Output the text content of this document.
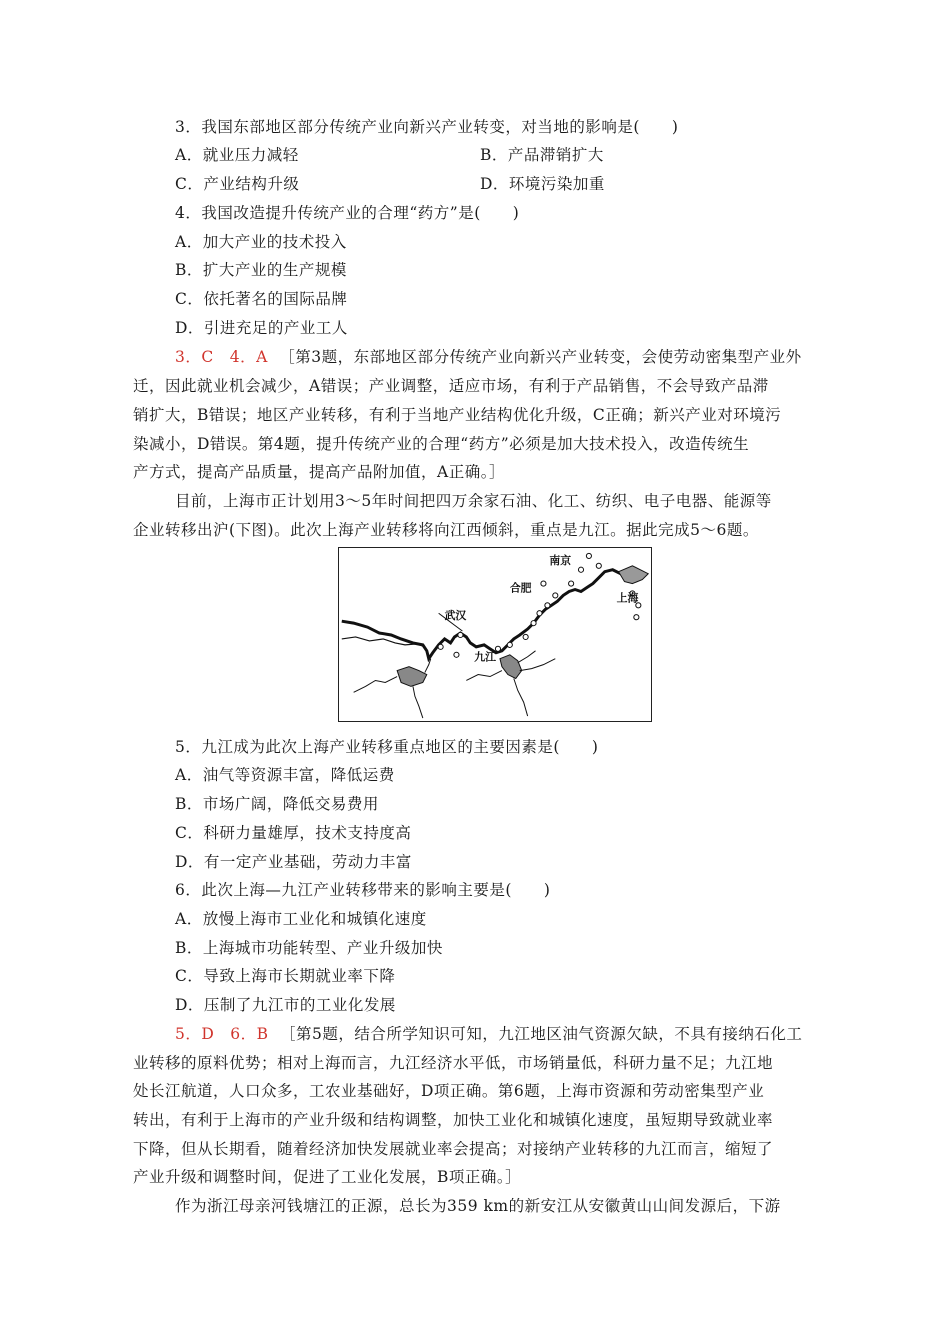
3．我国东部地区部分传统产业向新兴产业转变，对当地的影响是(　　)
A．就业压力减轻	B．产品滞销扩大
C．产业结构升级	D．环境污染加重
4．我国改造提升传统产业的合理“药方”是(　　)
A．加大产业的技术投入
B．扩大产业的生产规模
C．依托著名的国际品牌
D．引进充足的产业工人
3．C　4．A ［第3题，东部地区部分传统产业向新兴产业转变，会使劳动密集型产业外
迁，因此就业机会减少，A错误；产业调整，适应市场，有利于产品销售，不会导致产品滞
销扩大，B错误；地区产业转移，有利于当地产业结构优化升级，C正确；新兴产业对环境污
染减小，D错误。第4题，提升传统产业的合理“药方”必须是加大技术投入，改造传统生
产方式，提高产品质量，提高产品附加值，A正确。］
目前，上海市正计划用3～5年时间把四万余家石油、化工、纺织、电子电器、能源等
企业转移出沪(下图)。此次上海产业转移将向江西倾斜，重点是九江。据此完成5～6题。
南京
合肥
上海
武汉
九江
5．九江成为此次上海产业转移重点地区的主要因素是(　　)
A．油气等资源丰富，降低运费
B．市场广阔，降低交易费用
C．科研力量雄厚，技术支持度高
D．有一定产业基础，劳动力丰富
6．此次上海—九江产业转移带来的影响主要是(　　)
A．放慢上海市工业化和城镇化速度
B．上海城市功能转型、产业升级加快
C．导致上海市长期就业率下降
D．压制了九江市的工业化发展
5．D　6．B ［第5题，结合所学知识可知，九江地区油气资源欠缺，不具有接纳石化工
业转移的原料优势；相对上海而言，九江经济水平低，市场销量低，科研力量不足；九江地
处长江航道，人口众多，工农业基础好，D项正确。第6题，上海市资源和劳动密集型产业
转出，有利于上海市的产业升级和结构调整，加快工业化和城镇化速度，虽短期导致就业率
下降，但从长期看，随着经济加快发展就业率会提高；对接纳产业转移的九江而言，缩短了
产业升级和调整时间，促进了工业化发展，B项正确。］
作为浙江母亲河钱塘江的正源，总长为359 km的新安江从安徽黄山山间发源后，下游
